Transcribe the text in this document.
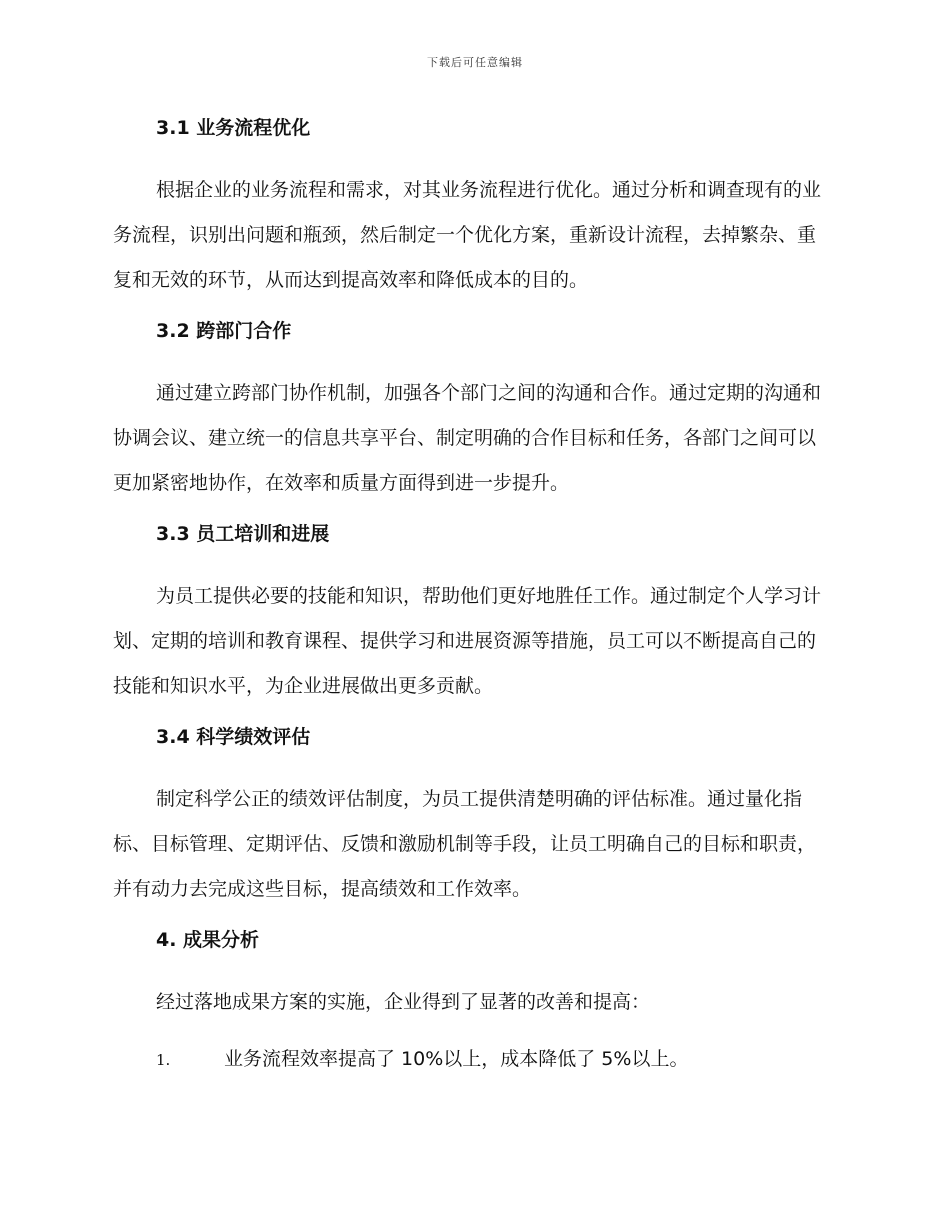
下载后可任意编辑
3.1 业务流程优化

根据企业的业务流程和需求，对其业务流程进行优化。通过分析和调查现有的业务流程，识别出问题和瓶颈，然后制定一个优化方案，重新设计流程，去掉繁杂、重复和无效的环节，从而达到提高效率和降低成本的目的。

3.2 跨部门合作

通过建立跨部门协作机制，加强各个部门之间的沟通和合作。通过定期的沟通和协调会议、建立统一的信息共享平台、制定明确的合作目标和任务，各部门之间可以更加紧密地协作，在效率和质量方面得到进一步提升。

3.3 员工培训和进展

为员工提供必要的技能和知识，帮助他们更好地胜任工作。通过制定个人学习计划、定期的培训和教育课程、提供学习和进展资源等措施，员工可以不断提高自己的技能和知识水平，为企业进展做出更多贡献。

3.4 科学绩效评估

制定科学公正的绩效评估制度，为员工提供清楚明确的评估标准。通过量化指标、目标管理、定期评估、反馈和激励机制等手段，让员工明确自己的目标和职责，并有动力去完成这些目标，提高绩效和工作效率。

4. 成果分析

经过落地成果方案的实施，企业得到了显著的改善和提高：

1.	业务流程效率提高了 10%以上，成本降低了 5%以上。
